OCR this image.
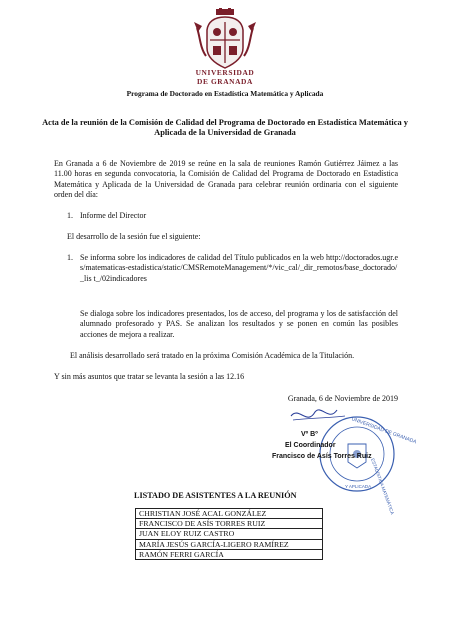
UNIVERSIDAD
DE GRANADA
Programa de Doctorado en Estadística Matemática y Aplicada
Acta de la reunión de la Comisión de Calidad del Programa de Doctorado en Estadística Matemática y Aplicada de la Universidad de Granada
En Granada a 6 de Noviembre de 2019 se reúne en la sala de reuniones Ramón Gutiérrez Jáimez a las 11.00 horas en segunda convocatoria, la Comisión de Calidad del Programa de Doctorado en Estadística Matemática y Aplicada de la Universidad de Granada para celebrar reunión ordinaria con el siguiente orden del día:
1. Informe del Director
El desarrollo de la sesión fue el siguiente:
1. Se informa sobre los indicadores de calidad del Título publicados en la web http://doctorados.ugr.es/matematicas-estadistica/static/CMSRemoteManagement/*/vic_cal/_dir_remotos/base_doctorado/_lis t_/02indicadores
Se dialoga sobre los indicadores presentados, los de acceso, del programa y los de satisfacción del alumnado profesorado y PAS. Se analizan los resultados y se ponen en común las posibles acciones de mejora a realizar.
El análisis desarrollado será tratado en la próxima Comisión Académica de la Titulación.
Y sin más asuntos que tratar se levanta la sesión a las 12.16
Granada, 6 de Noviembre de 2019
UNIVERSIDAD DE GRANADA
ESTADÍSTICA MATEMÁTICA
Y APLICADA
Vº Bº
El Coordinador
Francisco de Asís Torres Ruiz
LISTADO DE ASISTENTES A LA REUNIÓN
CHRISTIAN JOSÉ ACAL GONZÁLEZ
FRANCISCO DE ASÍS TORRES RUIZ
JUAN ELOY RUIZ CASTRO
MARÍA JESÚS GARCÍA-LIGERO RAMÍREZ
RAMÓN FERRI GARCÍA
